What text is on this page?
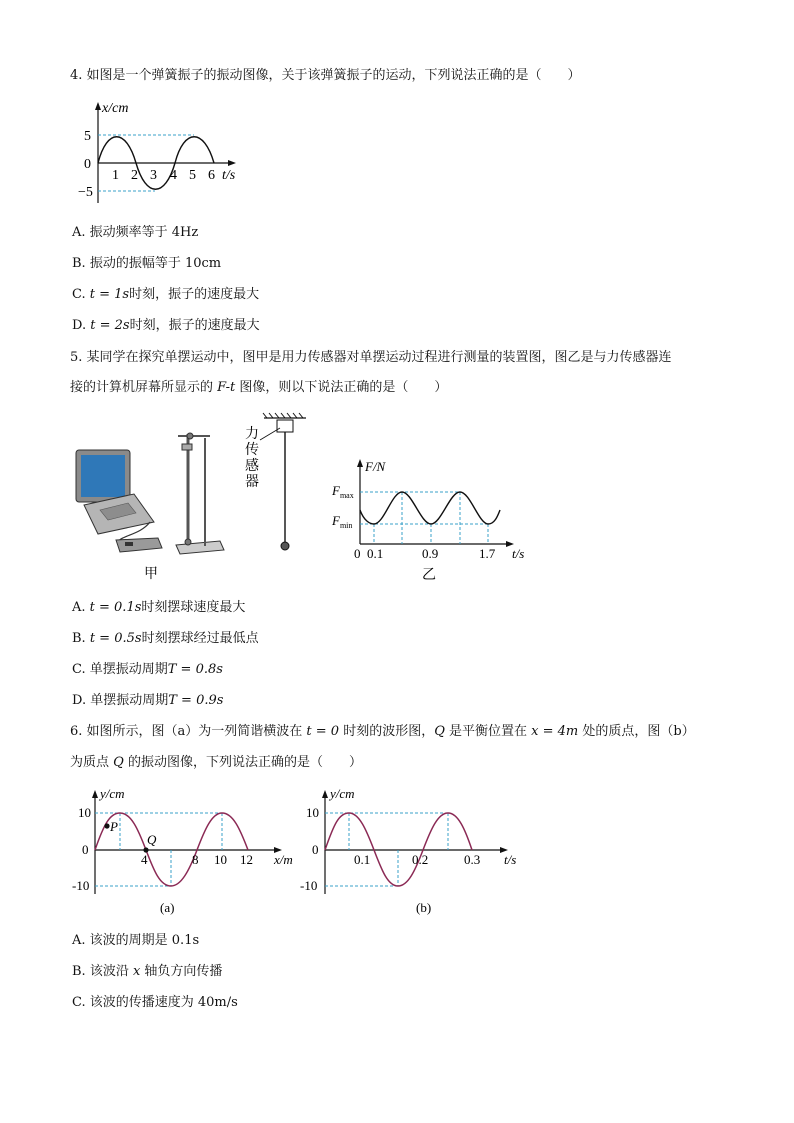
4. 如图是一个弹簧振子的振动图像，关于该弹簧振子的运动，下列说法正确的是（　　）
x/cm
5
0
−5
1 2 3 4 5 6 t/s
A. 振动频率等于 4Hz
B. 振动的振幅等于 10cm
C. t = 1s时刻，振子的速度最大
D. t = 2s时刻，振子的速度最大
5. 某同学在探究单摆运动中，图甲是用力传感器对单摆运动过程进行测量的装置图，图乙是与力传感器连
接的计算机屏幕所显示的 F-t 图像，则以下说法正确的是（　　）
力
传
感
器
甲
F/N
$F_{max}$
$F_{min}$
0 0.1	0.9	1.7 t/s
乙
A. t = 0.1s时刻摆球速度最大
B. t = 0.5s时刻摆球经过最低点
C. 单摆振动周期T = 0.8s
D. 单摆振动周期T = 0.9s
6. 如图所示，图（a）为一列简谐横波在 t = 0 时刻的波形图，Q 是平衡位置在 x = 4m 处的质点，图（b）
为质点 Q 的振动图像，下列说法正确的是（　　）
y/cm
10
0
-10
P
Q
4	8 10 12 x/m
(a)
y/cm
10
0
-10
0.1	0.2	0.3 t/s
(b)
A. 该波的周期是 0.1s
B. 该波沿 x 轴负方向传播
C. 该波的传播速度为 40m/s
